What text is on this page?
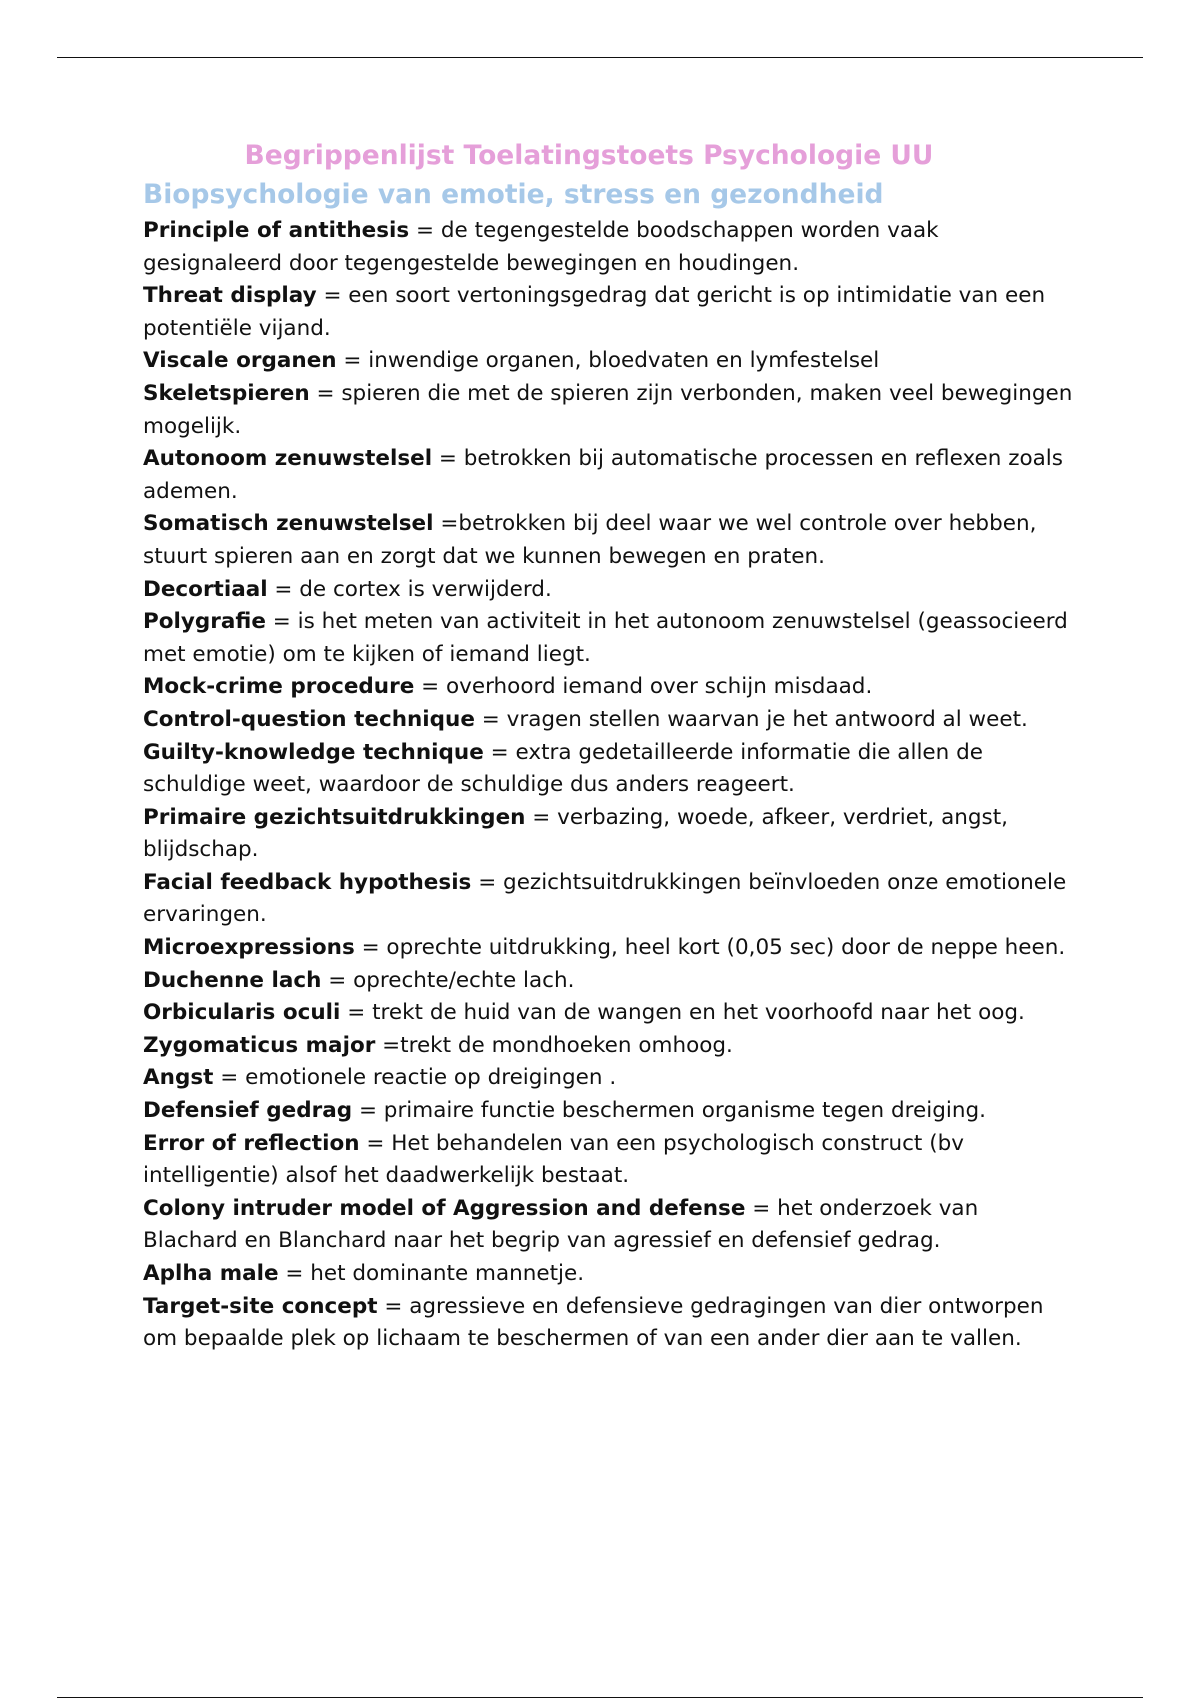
Begrippenlijst Toelatingstoets Psychologie UU
Biopsychologie van emotie, stress en gezondheid

Principle of antithesis = de tegengestelde boodschappen worden vaak gesignaleerd door tegengestelde bewegingen en houdingen.

Threat display = een soort vertoningsgedrag dat gericht is op intimidatie van een potentiële vijand.

Viscale organen = inwendige organen, bloedvaten en lymfestelsel

Skeletspieren = spieren die met de spieren zijn verbonden, maken veel bewegingen mogelijk.

Autonoom zenuwstelsel = betrokken bij automatische processen en reflexen zoals ademen.

Somatisch zenuwstelsel =betrokken bij deel waar we wel controle over hebben, stuurt spieren aan en zorgt dat we kunnen bewegen en praten.

Decortiaal = de cortex is verwijderd.

Polygrafie = is het meten van activiteit in het autonoom zenuwstelsel (geassocieerd met emotie) om te kijken of iemand liegt.

Mock-crime procedure = overhoord iemand over schijn misdaad.

Control-question technique = vragen stellen waarvan je het antwoord al weet.

Guilty-knowledge technique = extra gedetailleerde informatie die allen de schuldige weet, waardoor de schuldige dus anders reageert.

Primaire gezichtsuitdrukkingen = verbazing, woede, afkeer, verdriet, angst, blijdschap.

Facial feedback hypothesis = gezichtsuitdrukkingen beïnvloeden onze emotionele ervaringen.

Microexpressions = oprechte uitdrukking, heel kort (0,05 sec) door de neppe heen.

Duchenne lach = oprechte/echte lach.

Orbicularis oculi = trekt de huid van de wangen en het voorhoofd naar het oog.

Zygomaticus major =trekt de mondhoeken omhoog.

Angst = emotionele reactie op dreigingen .

Defensief gedrag = primaire functie beschermen organisme tegen dreiging.

Error of reflection = Het behandelen van een psychologisch construct (bv intelligentie) alsof het daadwerkelijk bestaat.

Colony intruder model of Aggression and defense = het onderzoek van Blachard en Blanchard naar het begrip van agressief en defensief gedrag.

Aplha male = het dominante mannetje.

Target-site concept = agressieve en defensieve gedragingen van dier ontworpen om bepaalde plek op lichaam te beschermen of van een ander dier aan te vallen.
